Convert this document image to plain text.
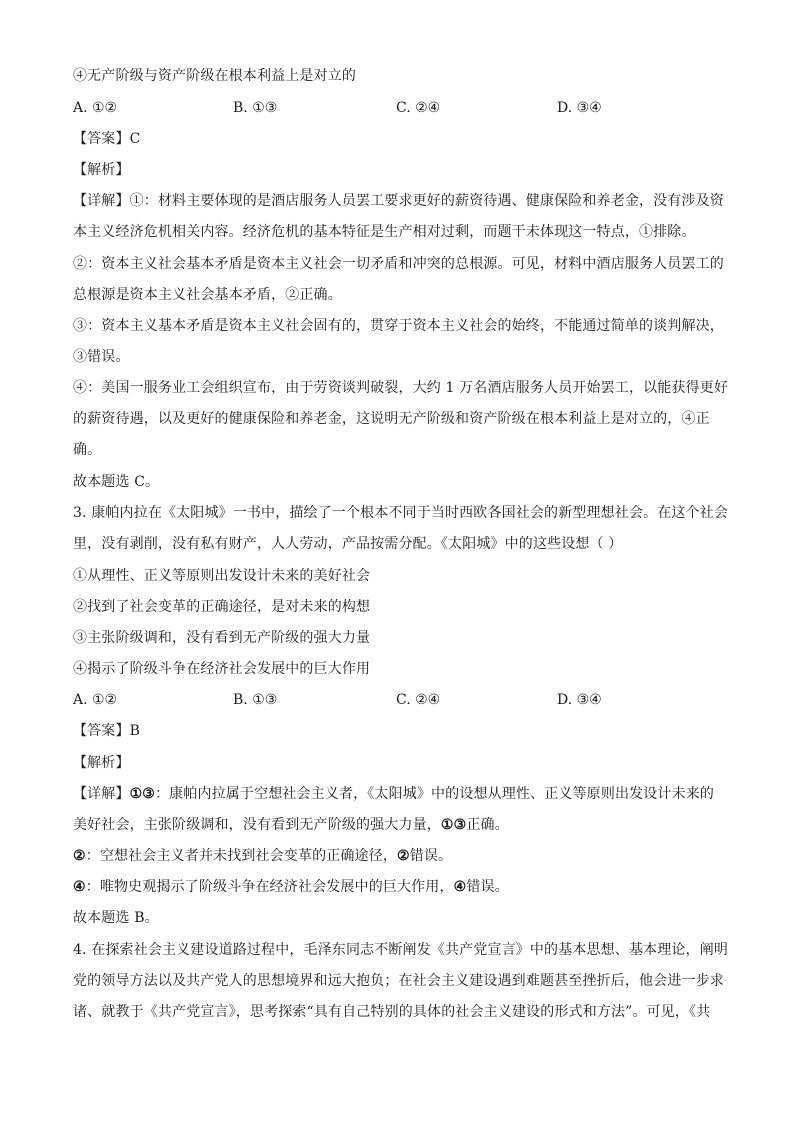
④无产阶级与资产阶级在根本利益上是对立的
A. ①②	B. ①③	C. ②④	D. ③④
【答案】C
【解析】
【详解】①：材料主要体现的是酒店服务人员罢工要求更好的薪资待遇、健康保险和养老金，没有涉及资
本主义经济危机相关内容。经济危机的基本特征是生产相对过剩，而题干未体现这一特点，①排除。
②：资本主义社会基本矛盾是资本主义社会一切矛盾和冲突的总根源。可见，材料中酒店服务人员罢工的
总根源是资本主义社会基本矛盾，②正确。
③：资本主义基本矛盾是资本主义社会固有的，贯穿于资本主义社会的始终，不能通过简单的谈判解决，
③错误。
④：美国一服务业工会组织宣布，由于劳资谈判破裂，大约 1 万名酒店服务人员开始罢工，以能获得更好
的薪资待遇，以及更好的健康保险和养老金，这说明无产阶级和资产阶级在根本利益上是对立的，④正
确。
故本题选 C。
3. 康帕内拉在《太阳城》一书中，描绘了一个根本不同于当时西欧各国社会的新型理想社会。在这个社会
里，没有剥削，没有私有财产，人人劳动，产品按需分配。《太阳城》中的这些设想（ ）
①从理性、正义等原则出发设计未来的美好社会
②找到了社会变革的正确途径，是对未来的构想
③主张阶级调和，没有看到无产阶级的强大力量
④揭示了阶级斗争在经济社会发展中的巨大作用
A. ①②	B. ①③	C. ②④	D. ③④
【答案】B
【解析】
【详解】①③：康帕内拉属于空想社会主义者，《太阳城》中的设想从理性、正义等原则出发设计未来的
美好社会，主张阶级调和，没有看到无产阶级的强大力量，①③正确。
②：空想社会主义者并未找到社会变革的正确途径，②错误。
④：唯物史观揭示了阶级斗争在经济社会发展中的巨大作用，④错误。
故本题选 B。
4. 在探索社会主义建设道路过程中，毛泽东同志不断阐发《共产党宣言》中的基本思想、基本理论，阐明
党的领导方法以及共产党人的思想境界和远大抱负；在社会主义建设遇到难题甚至挫折后，他会进一步求
诸、就教于《共产党宣言》，思考探索“具有自己特别的具体的社会主义建设的形式和方法”。可见，《共
